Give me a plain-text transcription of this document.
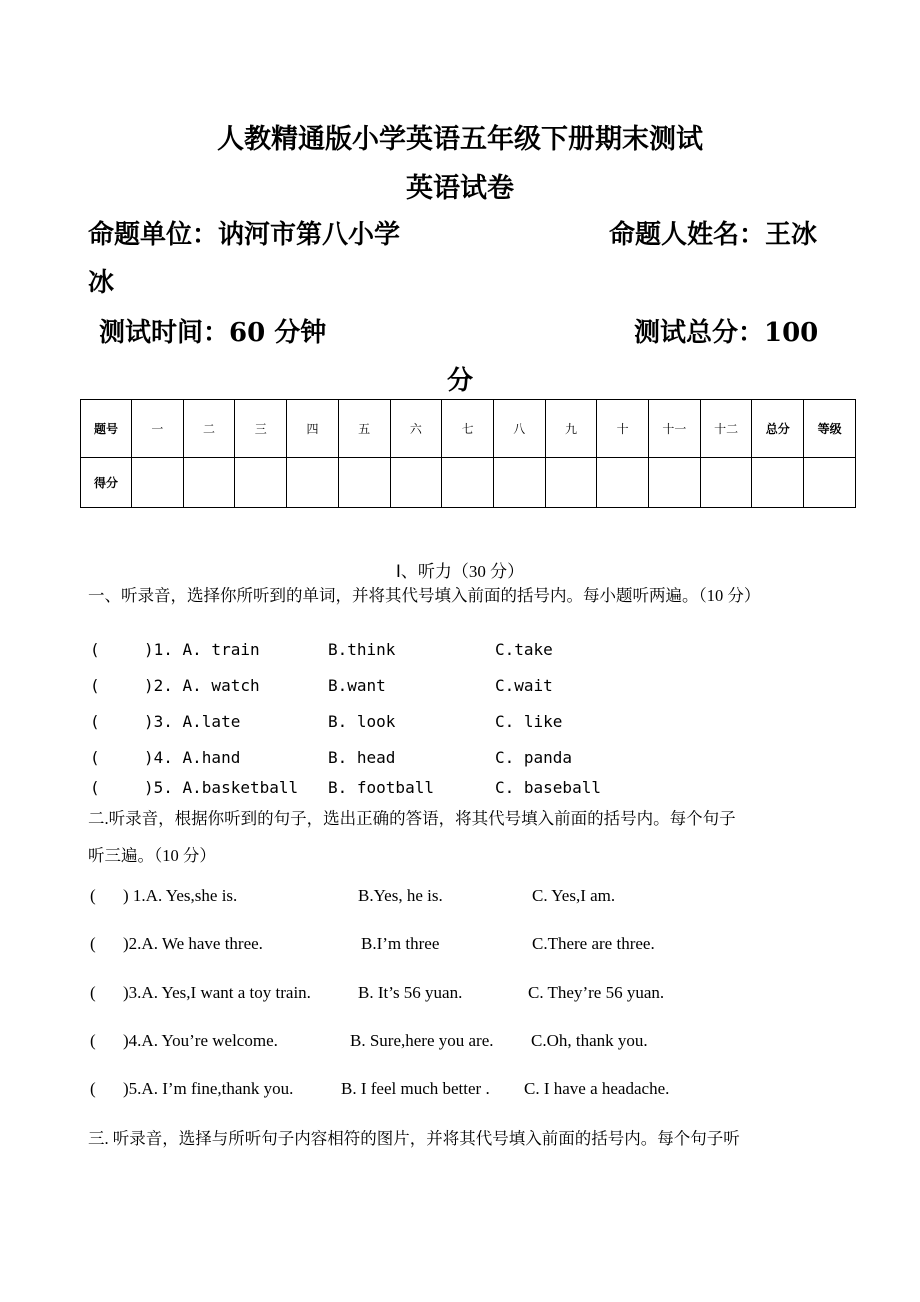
人教精通版小学英语五年级下册期末测试
英语试卷
命题单位：讷河市第八小学	命题人姓名：王冰
冰
测试时间：60 分钟	测试总分：100
分
题号	一	二	三	四	五	六	七	八	九	十	十一	十二	总分	等级
得分														
Ⅰ、听力（30 分）
一、听录音，选择你所听到的单词，并将其代号填入前面的括号内。每小题听两遍。（10 分）
(	)1. A. train	B.think	C.take
(	)2. A. watch	B.want	C.wait
(	)3. A.late	B. look	C. like
(	)4. A.hand	B. head	C. panda
(	)5. A.basketball B. football	C. baseball
二.听录音，根据你听到的句子，选出正确的答语，将其代号填入前面的括号内。每个句子
听三遍。（10 分）
( ) 1.A. Yes,she is.	B.Yes, he is.	C. Yes,I am.
( )2.A. We have three.	B.I’m three	C.There are three.
( )3.A. Yes,I want a toy train.	B. It’s 56 yuan.	C. They’re 56 yuan.
( )4.A. You’re welcome.	B. Sure,here you are. C.Oh, thank you.
( )5.A. I’m fine,thank you.	B. I feel much better . C. I have a headache.
三. 听录音，选择与所听句子内容相符的图片，并将其代号填入前面的括号内。每个句子听
